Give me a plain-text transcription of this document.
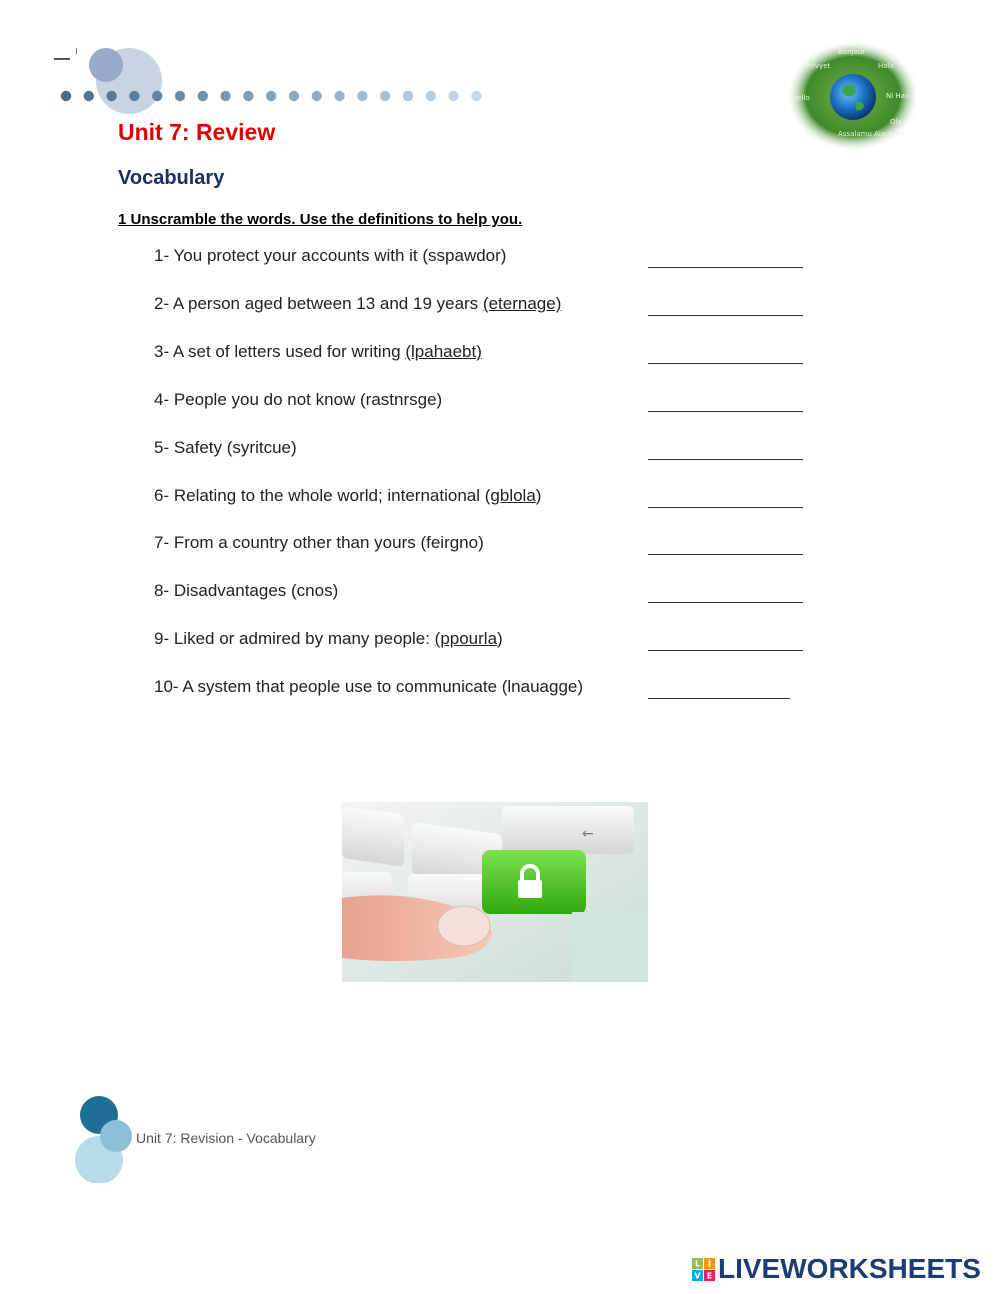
Bonjour
Hola
Privyet
Hello	Ni Hao
Ola
Assalamu Alaykum
Unit 7: Review
Vocabulary
1 Unscramble the words. Use the definitions to help you.
1- You protect your accounts with it (sspawdor)
2- A person aged between 13 and 19 years (eternage)
3- A set of letters used for writing (lpahaebt)
4- People you do not know (rastnrsge)
5- Safety (syritcue)
6- Relating to the whole world; international (gblola)
7- From a country other than yours (feirgno)
8- Disadvantages (cnos)
9- Liked or admired by many people: (ppourla)
10- A system that people use to communicate (lnauagge)
←
Unit 7: Revision - Vocabulary
L I
V E LIVEWORKSHEETS
